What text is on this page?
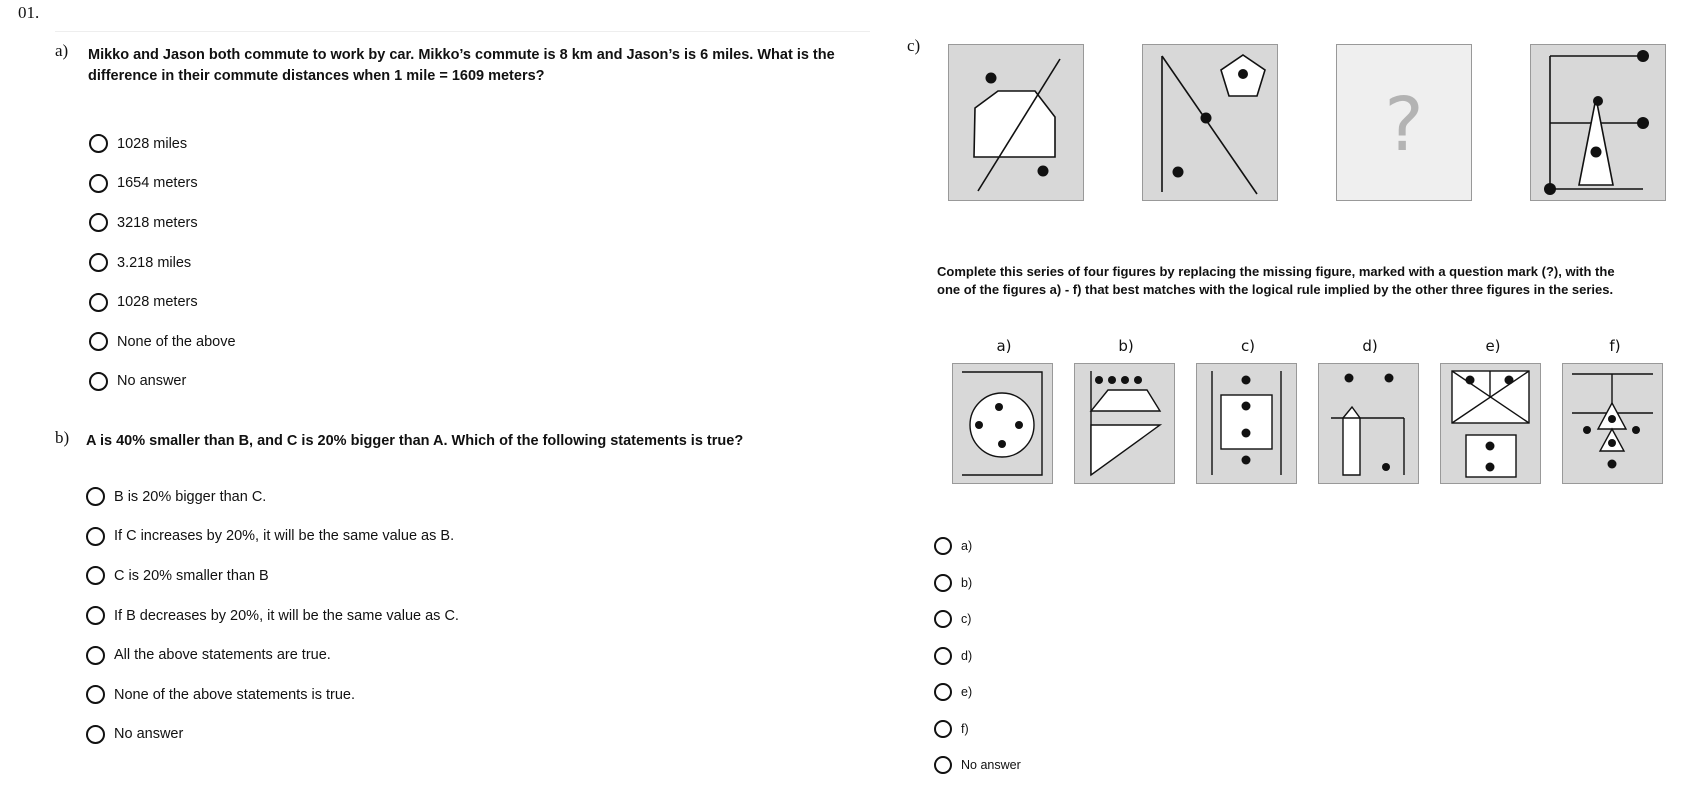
01.
a) Mikko and Jason both commute to work by car. Mikko’s commute is 8 km and Jason’s is 6 miles. What is the difference in their commute distances when 1 mile = 1609 meters?
1028 miles
1654 meters
3218 meters
3.218 miles
1028 meters
None of the above
No answer
b) A is 40% smaller than B, and C is 20% bigger than A. Which of the following statements is true?
B is 20% bigger than C.
If C increases by 20%, it will be the same value as B.
C is 20% smaller than B
If B decreases by 20%, it will be the same value as C.
All the above statements are true.
None of the above statements is true.
No answer
c)
?
Complete this series of four figures by replacing the missing figure, marked with a question mark (?), with the one of the figures a) - f) that best matches with the logical rule implied by the other three figures in the series.
a)	b)	c)	d)	e)	f)
a)
b)
c)
d)
e)
f)
No answer
